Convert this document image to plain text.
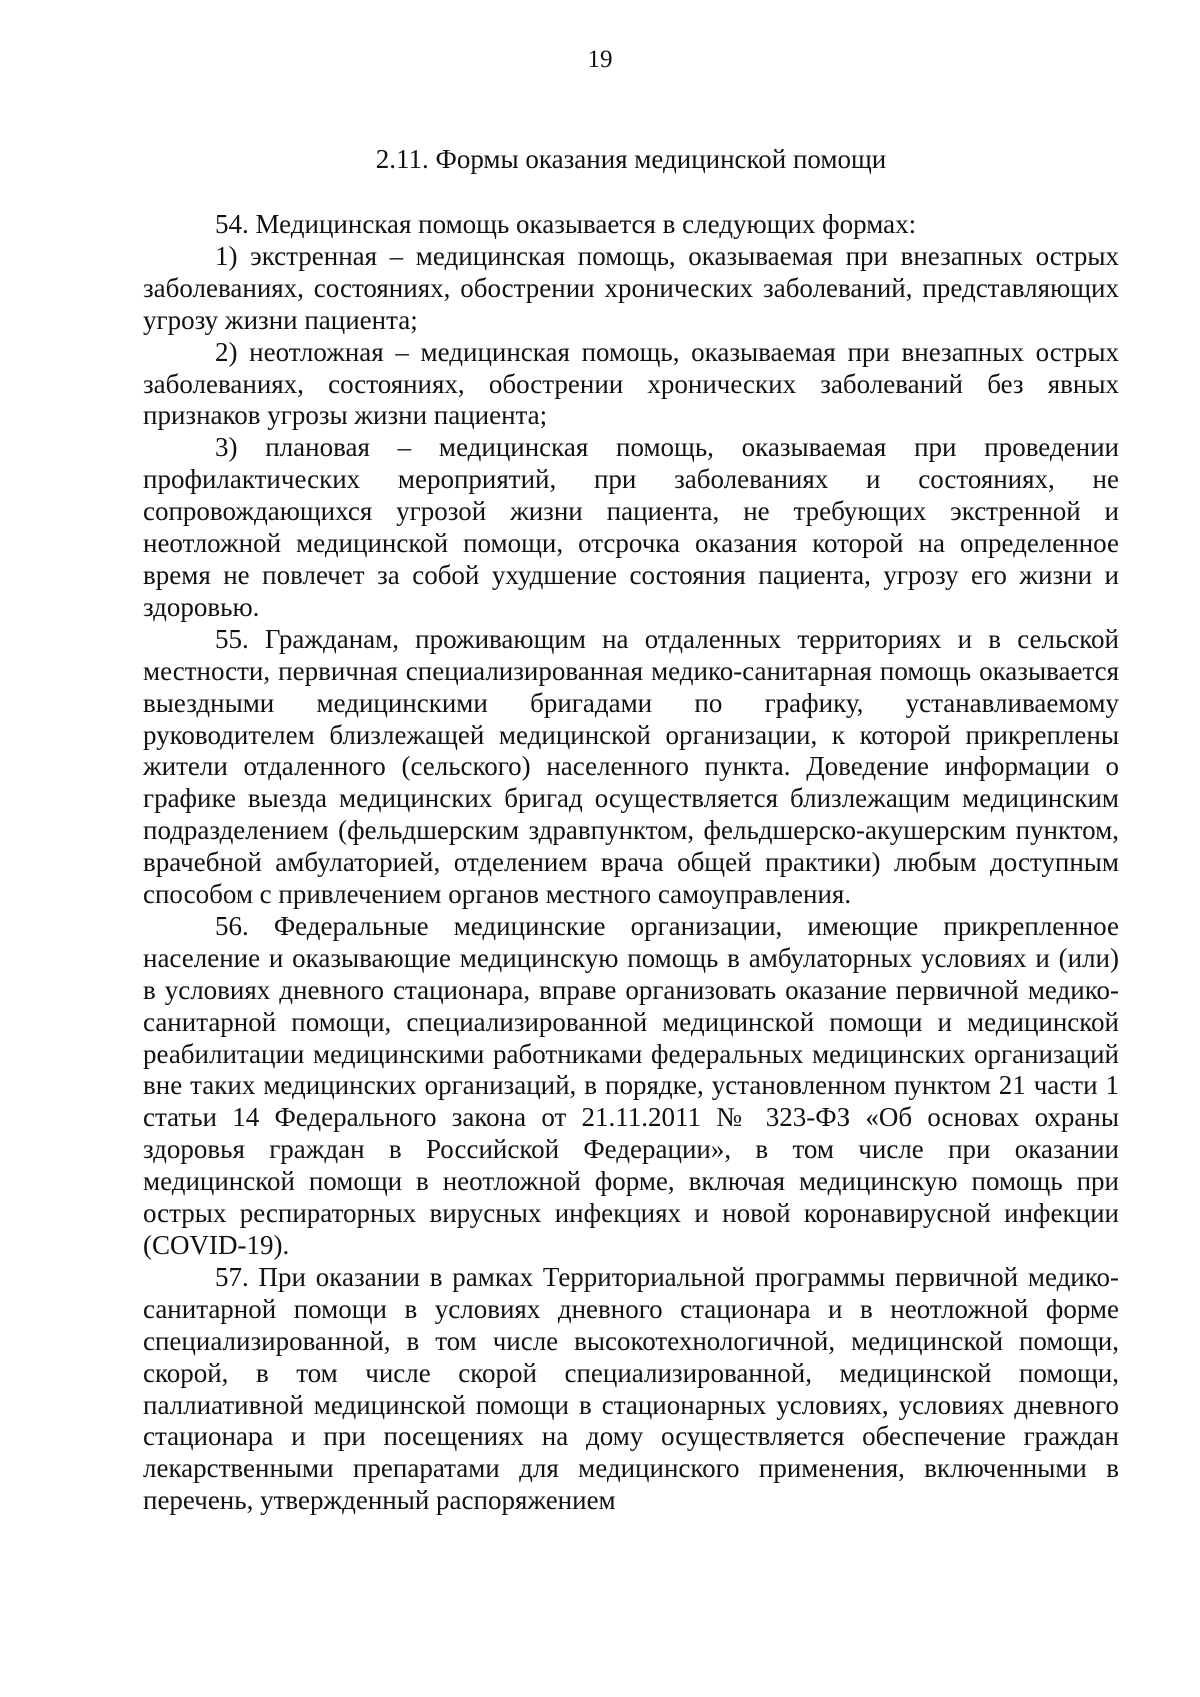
19
2.11. Формы оказания медицинской помощи

54. Медицинская помощь оказывается в следующих формах:

1) экстренная – медицинская помощь, оказываемая при внезапных острых заболеваниях, состояниях, обострении хронических заболеваний, представляющих угрозу жизни пациента;

2) неотложная – медицинская помощь, оказываемая при внезапных острых заболеваниях, состояниях, обострении хронических заболеваний без явных признаков угрозы жизни пациента;

3) плановая – медицинская помощь, оказываемая при проведении профилактических мероприятий, при заболеваниях и состояниях, не сопровождающихся угрозой жизни пациента, не требующих экстренной и неотложной медицинской помощи, отсрочка оказания которой на определенное время не повлечет за собой ухудшение состояния пациента, угрозу его жизни и здоровью.

55. Гражданам, проживающим на отдаленных территориях и в сельской местности, первичная специализированная медико-санитарная помощь оказывается выездными медицинскими бригадами по графику, устанавливаемому руководителем близлежащей медицинской организации, к которой прикреплены жители отдаленного (сельского) населенного пункта. Доведение информации о графике выезда медицинских бригад осуществляется близлежащим медицинским подразделением (фельдшерским здравпунктом, фельдшерско-акушерским пунктом, врачебной амбулаторией, отделением врача общей практики) любым доступным способом с привлечением органов местного самоуправления.

56. Федеральные медицинские организации, имеющие прикрепленное население и оказывающие медицинскую помощь в амбулаторных условиях и (или) в условиях дневного стационара, вправе организовать оказание первичной медико-санитарной помощи, специализированной медицинской помощи и медицинской реабилитации медицинскими работниками федеральных медицинских организаций вне таких медицинских организаций, в порядке, установленном пунктом 21 части 1 статьи 14 Федерального закона от 21.11.2011 № 323-ФЗ «Об основах охраны здоровья граждан в Российской Федерации», в том числе при оказании медицинской помощи в неотложной форме, включая медицинскую помощь при острых респираторных вирусных инфекциях и новой коронавирусной инфекции (COVID-19).

57. При оказании в рамках Территориальной программы первичной медико-санитарной помощи в условиях дневного стационара и в неотложной форме специализированной, в том числе высокотехнологичной, медицинской помощи, скорой, в том числе скорой специализированной, медицинской помощи, паллиативной медицинской помощи в стационарных условиях, условиях дневного стационара и при посещениях на дому осуществляется обеспечение граждан лекарственными препаратами для медицинского применения, включенными в перечень, утвержденный распоряжением
